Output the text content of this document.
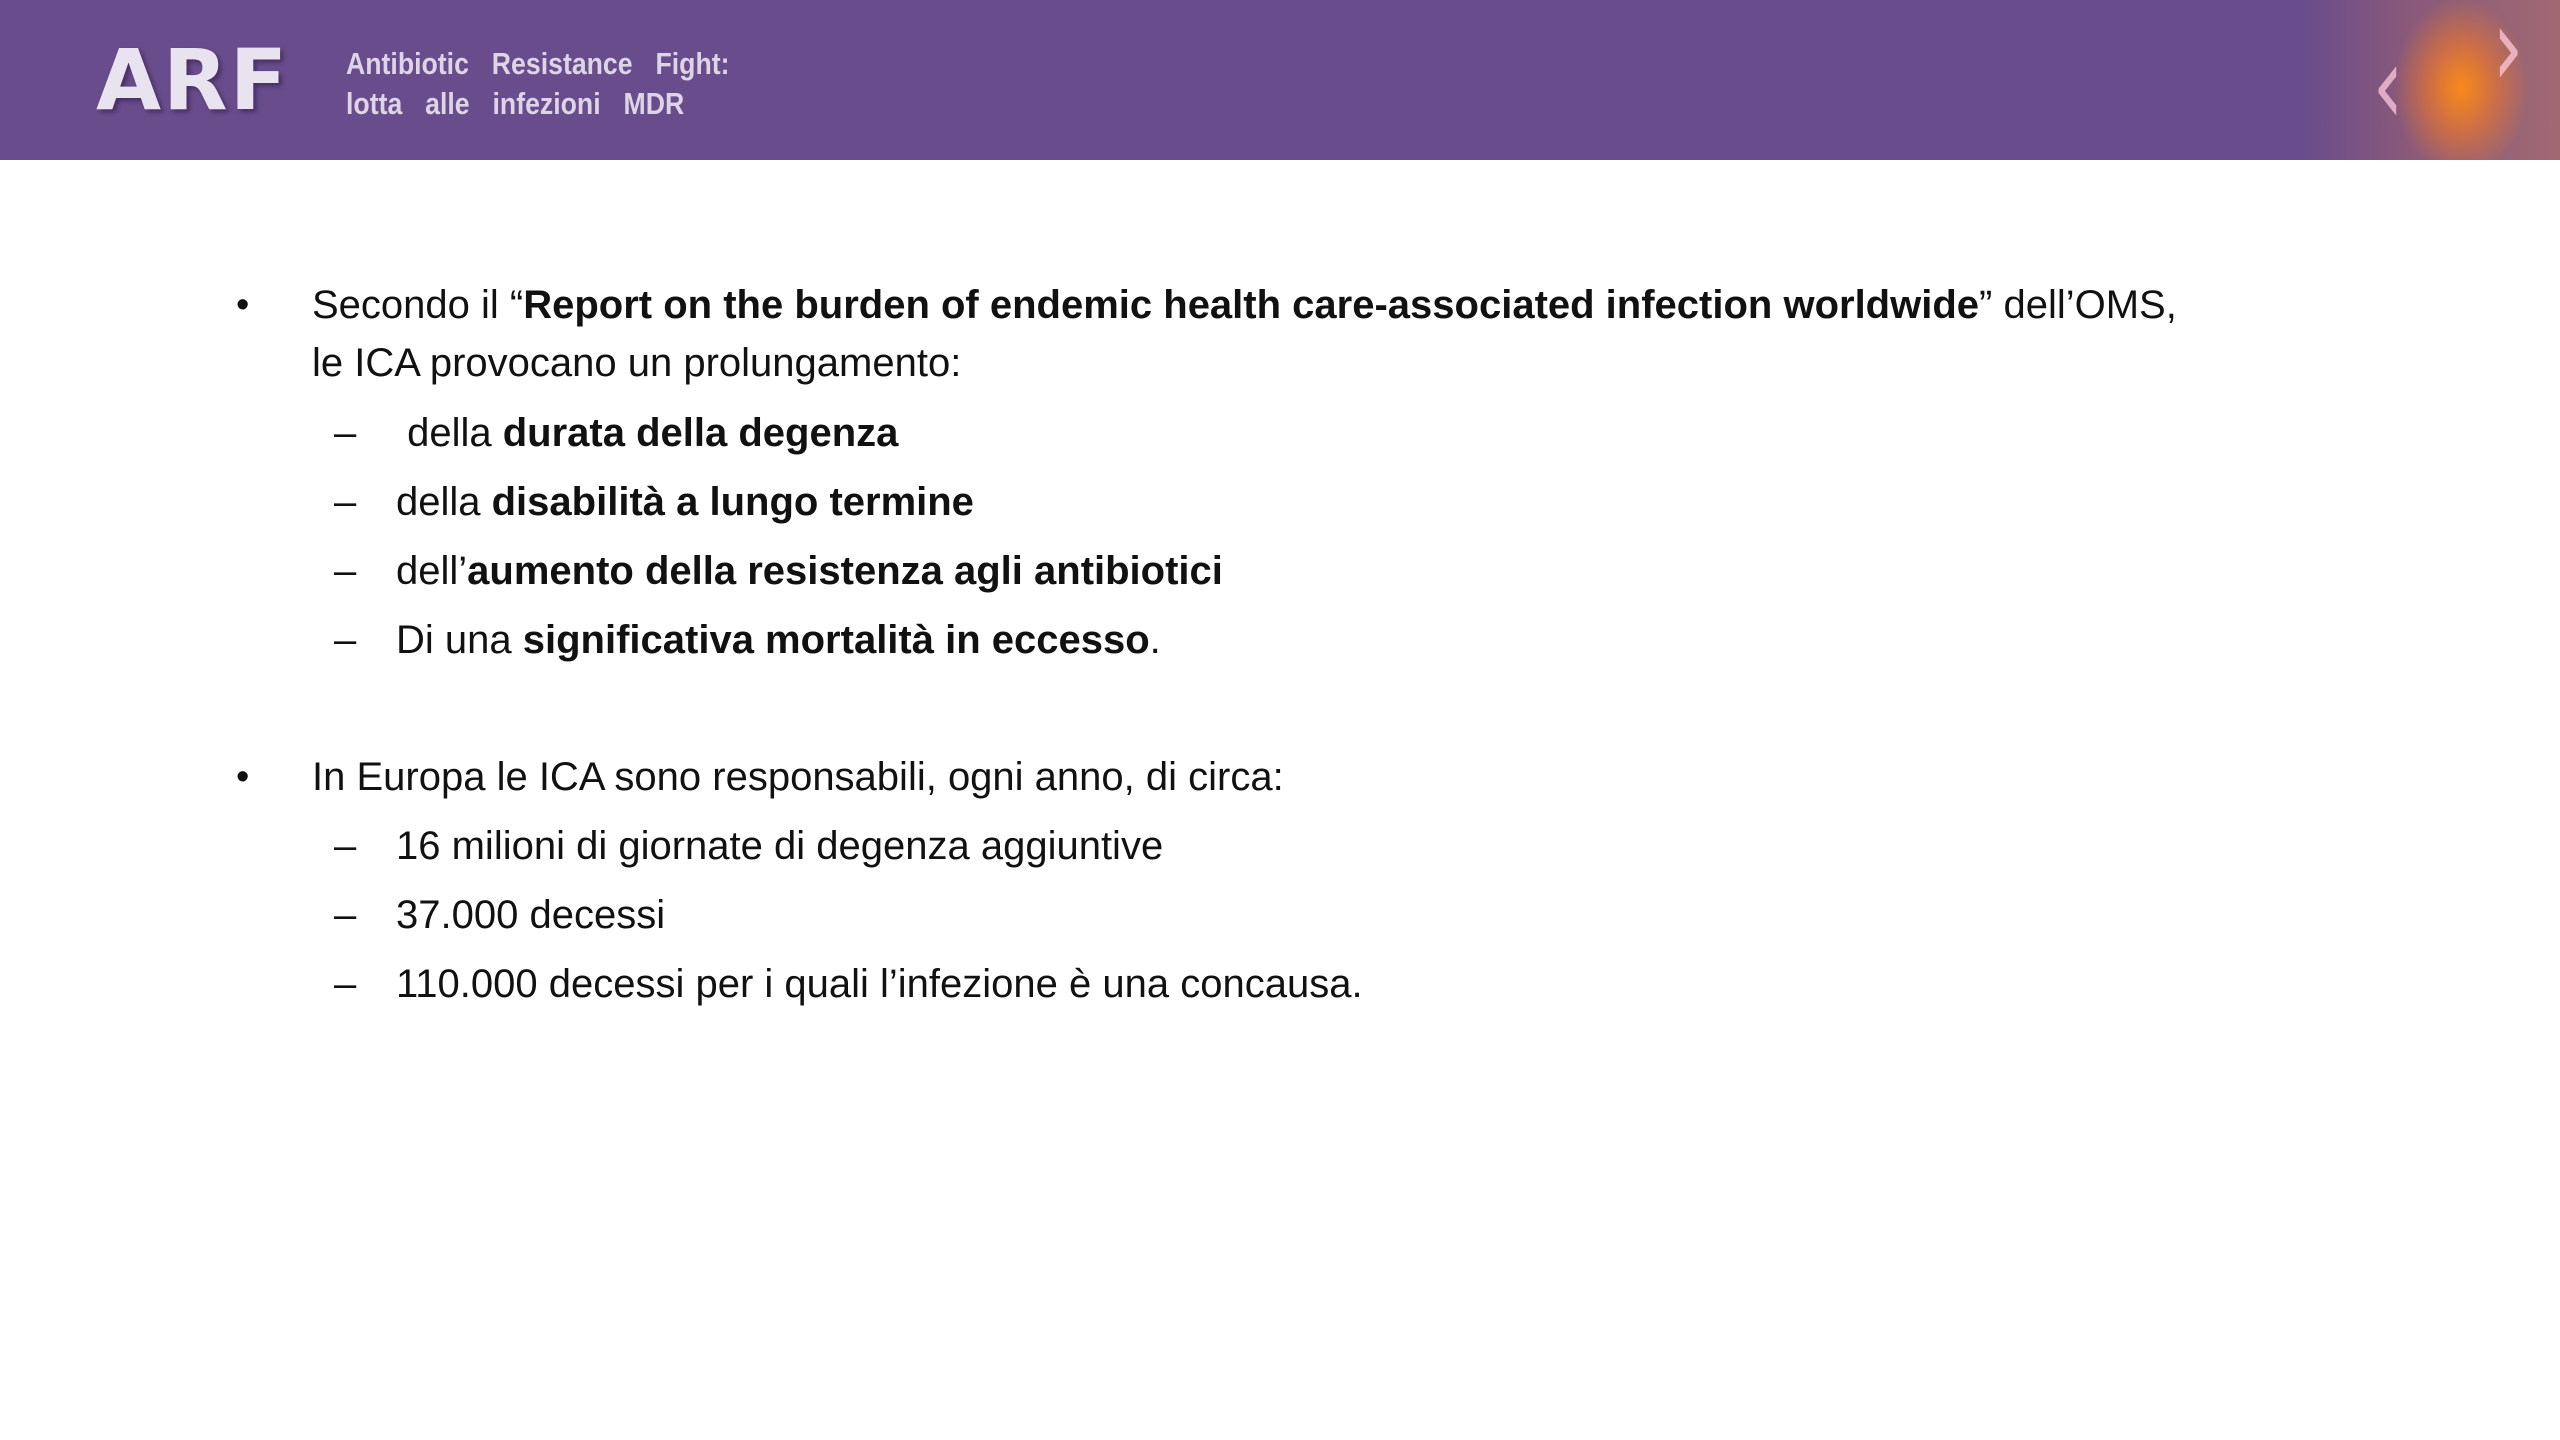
ARF Antibiotic Resistance Fight:
lotta alle infezioni MDR	‹ ›
• Secondo il “Report on the burden of endemic health care-associated infection worldwide” dell’OMS,
le ICA provocano un prolungamento:
– della durata della degenza
– della disabilità a lungo termine
– dell’aumento della resistenza agli antibiotici
– Di una significativa mortalità in eccesso.
• In Europa le ICA sono responsabili, ogni anno, di circa:
– 16 milioni di giornate di degenza aggiuntive
– 37.000 decessi
– 110.000 decessi per i quali l’infezione è una concausa.
